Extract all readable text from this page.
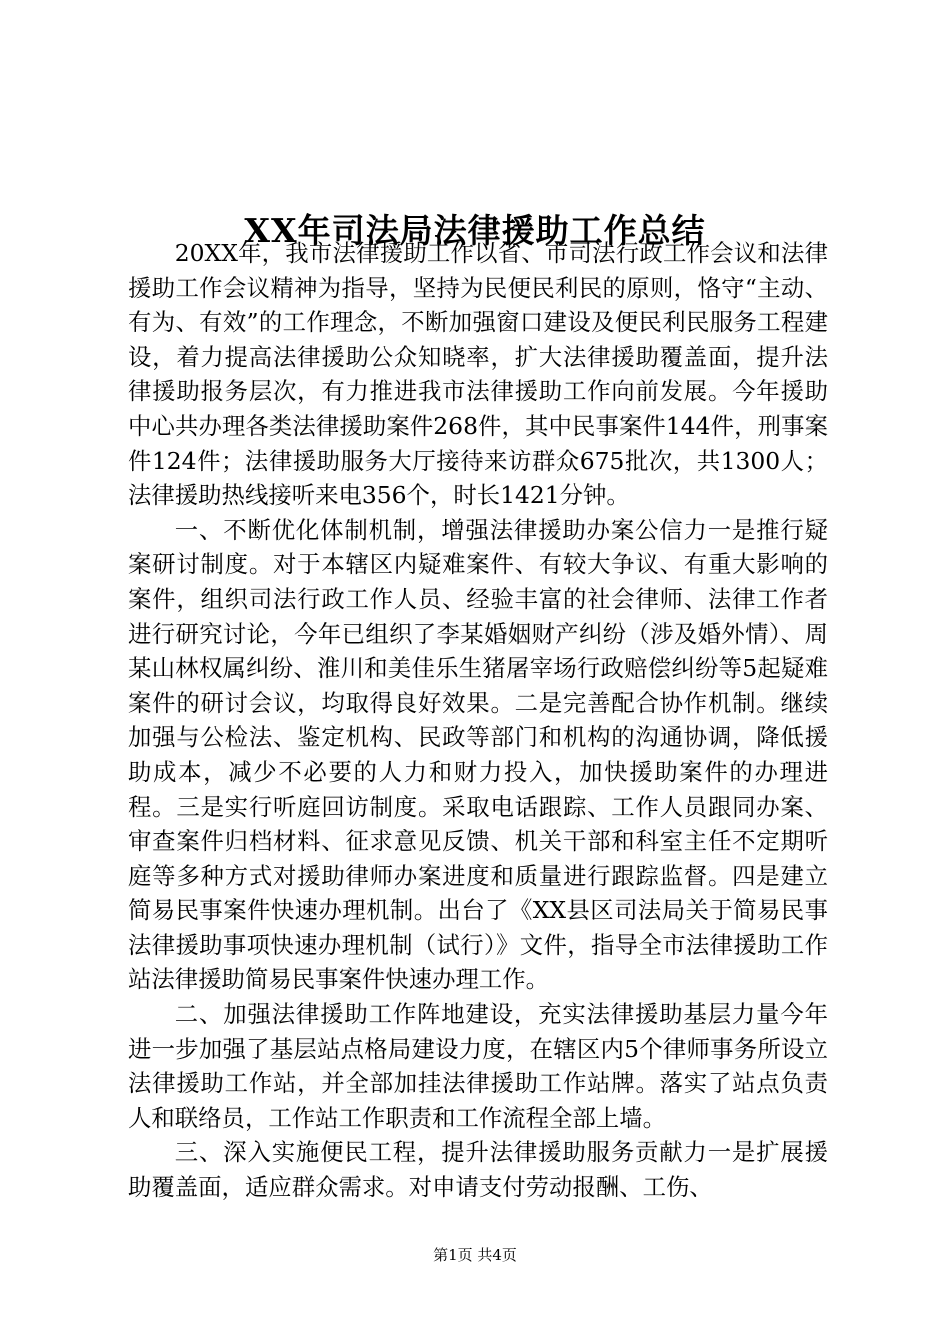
XX年司法局法律援助工作总结

20XX年，我市法律援助工作以省、市司法行政工作会议和法律援助工作会议精神为指导，坚持为民便民利民的原则，恪守“主动、有为、有效”的工作理念，不断加强窗口建设及便民利民服务工程建设，着力提高法律援助公众知晓率，扩大法律援助覆盖面，提升法律援助报务层次，有力推进我市法律援助工作向前发展。今年援助中心共办理各类法律援助案件268件，其中民事案件144件，刑事案件124件；法律援助服务大厅接待来访群众675批次，共1300人；法律援助热线接听来电356个，时长1421分钟。

一、不断优化体制机制，增强法律援助办案公信力一是推行疑案研讨制度。对于本辖区内疑难案件、有较大争议、有重大影响的案件，组织司法行政工作人员、经验丰富的社会律师、法律工作者进行研究讨论，今年已组织了李某婚姻财产纠纷（涉及婚外情）、周某山林权属纠纷、淮川和美佳乐生猪屠宰场行政赔偿纠纷等5起疑难案件的研讨会议，均取得良好效果。二是完善配合协作机制。继续加强与公检法、鉴定机构、民政等部门和机构的沟通协调，降低援助成本，减少不必要的人力和财力投入，加快援助案件的办理进程。三是实行听庭回访制度。采取电话跟踪、工作人员跟同办案、审查案件归档材料、征求意见反馈、机关干部和科室主任不定期听庭等多种方式对援助律师办案进度和质量进行跟踪监督。四是建立简易民事案件快速办理机制。出台了《XX县区司法局关于简易民事法律援助事项快速办理机制（试行）》文件，指导全市法律援助工作站法律援助简易民事案件快速办理工作。

二、加强法律援助工作阵地建设，充实法律援助基层力量今年进一步加强了基层站点格局建设力度，在辖区内5个律师事务所设立法律援助工作站，并全部加挂法律援助工作站牌。落实了站点负责人和联络员，工作站工作职责和工作流程全部上墙。

三、深入实施便民工程，提升法律援助服务贡献力一是扩展援助覆盖面，适应群众需求。对申请支付劳动报酬、工伤、

第1页 共4页
